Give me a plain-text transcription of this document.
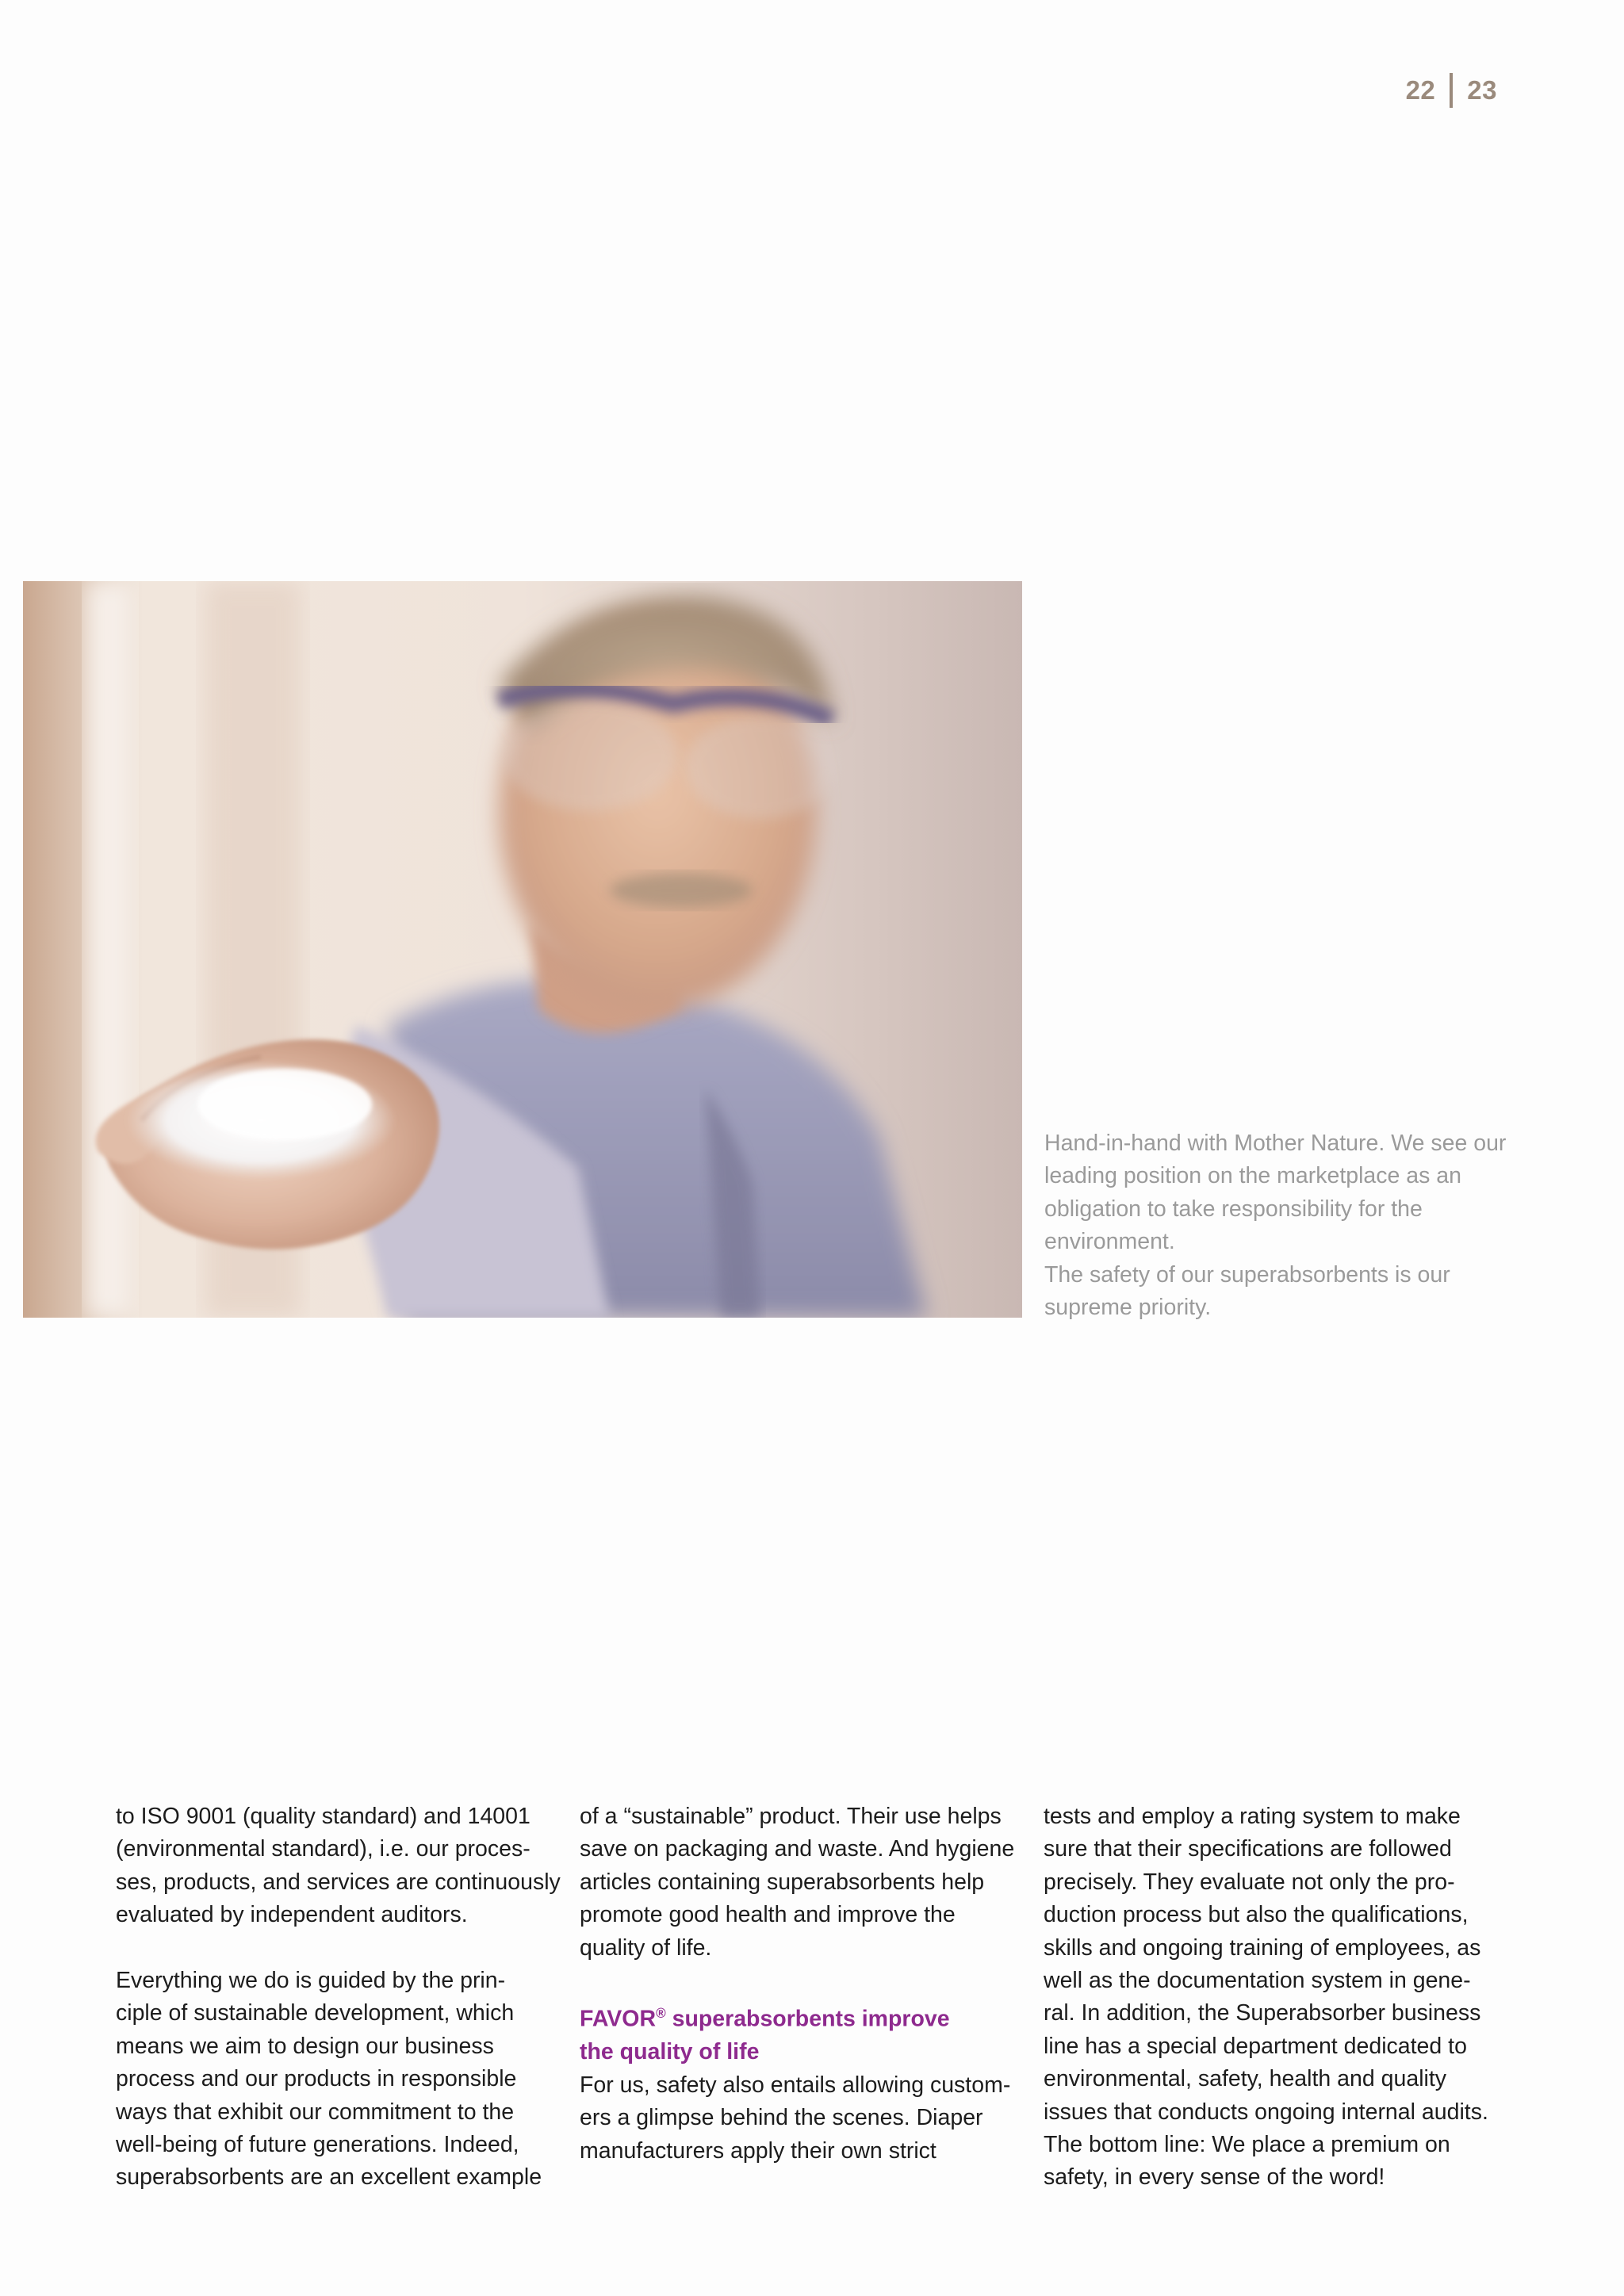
22 23

Hand-in-hand with Mother Nature. We see our leading position on the marketplace as an obligation to take responsibility for the environment.

The safety of our superabsorbents is our supreme priority.

to ISO 9001 (quality standard) and 14001
(environmental standard), i.e. our proces-
ses, products, and services are continuously
evaluated by independent auditors.

Everything we do is guided by the prin-
ciple of sustainable development, which
means we aim to design our business
process and our products in responsible
ways that exhibit our commitment to the
well-being of future generations. Indeed,
superabsorbents are an excellent example

of a “sustainable” product. Their use helps
save on packaging and waste. And hygiene
articles containing superabsorbents help
promote good health and improve the
quality of life.

FAVOR® superabsorbents improve
the quality of life

For us, safety also entails allowing custom-
ers a glimpse behind the scenes. Diaper
manufacturers apply their own strict

tests and employ a rating system to make
sure that their specifications are followed
precisely. They evaluate not only the pro-
duction process but also the qualifications,
skills and ongoing training of employees, as
well as the documentation system in gene-
ral. In addition, the Superabsorber business
line has a special department dedicated to
environmental, safety, health and quality
issues that conducts ongoing internal audits.
The bottom line: We place a premium on
safety, in every sense of the word!
